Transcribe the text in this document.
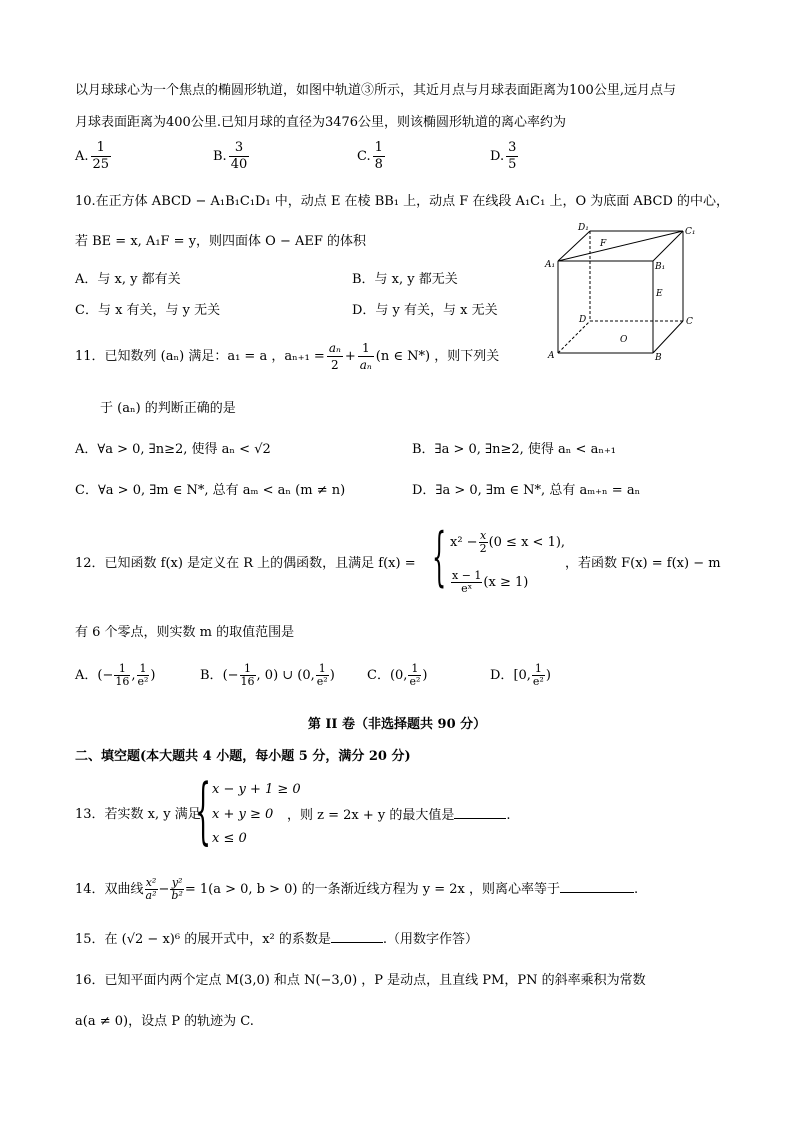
以月球球心为一个焦点的椭圆形轨道，如图中轨道③所示，其近月点与月球表面距离为100公里,远月点与
月球表面距离为400公里.已知月球的直径为3476公里，则该椭圆形轨道的离心率约为
A. $\frac{1}{25}$	B. $\frac{3}{40}$	C. $\frac{1}{8}$	D. $\frac{3}{5}$
10.在正方体 ABCD − A₁B₁C₁D₁ 中，动点 E 在棱 BB₁ 上，动点 F 在线段 A₁C₁ 上，O 为底面 ABCD 的中心，
若 BE = x, A₁F = y，则四面体 O − AEF 的体积
A．与 x, y 都有关	B．与 x, y 都无关
C．与 x 有关，与 y 无关	D．与 y 有关，与 x 无关
D₁	C₁
A₁	B₁
F
E
D	C
A	B
O
11．已知数列 (aₙ) 满足：a₁ = a ，$a_{n+1} = \frac{\text{aₙ}}{2} + \frac{1}{\text{aₙ}} (n$ ∈ N*) ，则下列关
于 (aₙ) 的判断正确的是
A．∀a > 0, ∃n≥2, 使得 aₙ < √2	B．∃a > 0, ∃n≥2, 使得 aₙ < aₙ₊₁
C．∀a > 0, ∃m ∈ N*, 总有 aₘ < aₙ (m ≠ n)	D．∃a > 0, ∃m ∈ N*, 总有 aₘ₊ₙ = aₙ
12．已知函数 f(x) 是定义在 R 上的偶函数，且满足 f(x) = { $x^2 - \frac{x}{2} (0 \le x < 1)$,
$\frac{x - 1}{\text{eˣ}} (x \ge 1)$
，若函数 F(x) = f(x) − m
有 6 个零点，则实数 m 的取值范围是
A．(− $\frac{1}{16}$ , $\frac{1}{\text{e²}}$ )	B．(− $\frac{1}{16}$ , 0) ∪ (0, $\frac{1}{\text{e²}}$ ) C．(0, $\frac{1}{\text{e²}}$ )	D．[0, $\frac{1}{\text{e²}}$ )
第 II 卷（非选择题共 90 分）
二、填空题(本大题共 4 小题，每小题 5 分，满分 20 分)
13．若实数 x, y 满足
{ x − y + 1 ≥ 0
x + y ≥ 0
x ≤ 0
，则 z = 2x + y 的最大值是	.
14．双曲线 $\frac{\text{x²}}{\text{a²}} - \frac{\text{y²}}{\text{b²}} = 1(a > 0$, b > 0) 的一条渐近线方程为 y = 2x ，则离心率等于	.
15．在 (√2 − x)⁶ 的展开式中，x² 的系数是	.（用数字作答）
16．已知平面内两个定点 M(3,0) 和点 N(−3,0) ，P 是动点，且直线 PM，PN 的斜率乘积为常数
a(a ≠ 0)，设点 P 的轨迹为 C.
